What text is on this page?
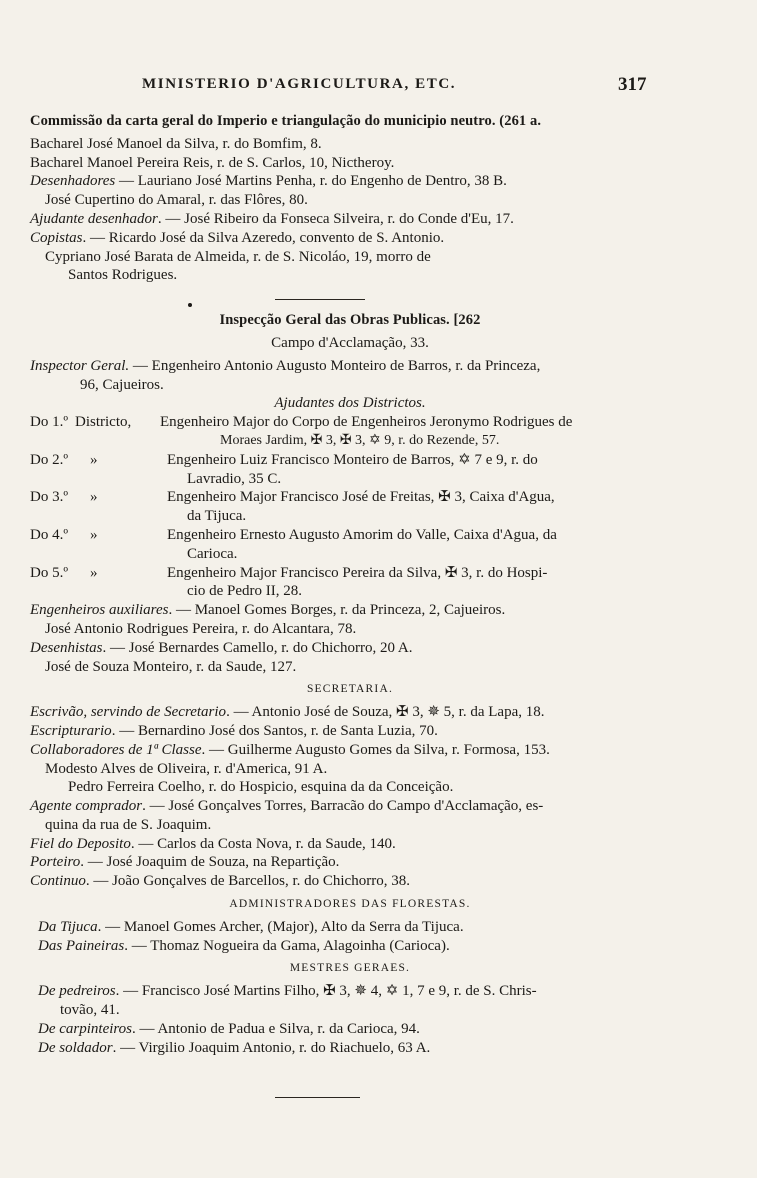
MINISTERIO D'AGRICULTURA, ETC.	317
Commissão da carta geral do Imperio e triangulação do municipio neutro. (261 a.
Bacharel José Manoel da Silva, r. do Bomfim, 8.
Bacharel Manoel Pereira Reis, r. de S. Carlos, 10, Nictheroy.
Desenhadores — Lauriano José Martins Penha, r. do Engenho de Dentro, 38 B.
José Cupertino do Amaral, r. das Flôres, 80.
Ajudante desenhador. — José Ribeiro da Fonseca Silveira, r. do Conde d'Eu, 17.
Copistas. — Ricardo José da Silva Azeredo, convento de S. Antonio.
Cypriano José Barata de Almeida, r. de S. Nicoláo, 19, morro de
Santos Rodrigues.
Inspecção Geral das Obras Publicas. [262
Campo d'Acclamação, 33.
Inspector Geral. — Engenheiro Antonio Augusto Monteiro de Barros, r. da Princeza,
96, Cajueiros.
Ajudantes dos Districtos.
Do 1.º Districto,	Engenheiro Major do Corpo de Engenheiros Jeronymo Rodrigues de
Moraes Jardim, ✠ 3, ✠ 3, ✡ 9, r. do Rezende, 57.
Do 2.º	»	Engenheiro Luiz Francisco Monteiro de Barros, ✡ 7 e 9, r. do
Lavradio, 35 C.
Do 3.º	»	Engenheiro Major Francisco José de Freitas, ✠ 3, Caixa d'Agua,
da Tijuca.
Do 4.º	»	Engenheiro Ernesto Augusto Amorim do Valle, Caixa d'Agua, da
Carioca.
Do 5.º	»	Engenheiro Major Francisco Pereira da Silva, ✠ 3, r. do Hospi-
cio de Pedro II, 28.
Engenheiros auxiliares. — Manoel Gomes Borges, r. da Princeza, 2, Cajueiros.
José Antonio Rodrigues Pereira, r. do Alcantara, 78.
Desenhistas. — José Bernardes Camello, r. do Chichorro, 20 A.
José de Souza Monteiro, r. da Saude, 127.
SECRETARIA.
Escrivão, servindo de Secretario. — Antonio José de Souza, ✠ 3, ✵ 5, r. da Lapa, 18.
Escripturario. — Bernardino José dos Santos, r. de Santa Luzia, 70.
Collaboradores de 1ª Classe. — Guilherme Augusto Gomes da Silva, r. Formosa, 153.
Modesto Alves de Oliveira, r. d'America, 91 A.
Pedro Ferreira Coelho, r. do Hospicio, esquina da da Conceição.
Agente comprador. — José Gonçalves Torres, Barracão do Campo d'Acclamação, es-
quina da rua de S. Joaquim.
Fiel do Deposito. — Carlos da Costa Nova, r. da Saude, 140.
Porteiro. — José Joaquim de Souza, na Repartição.
Continuo. — João Gonçalves de Barcellos, r. do Chichorro, 38.
ADMINISTRADORES DAS FLORESTAS.
Da Tijuca. — Manoel Gomes Archer, (Major), Alto da Serra da Tijuca.
Das Paineiras. — Thomaz Nogueira da Gama, Alagoinha (Carioca).
MESTRES GERAES.
De pedreiros. — Francisco José Martins Filho, ✠ 3, ✵ 4, ✡ 1, 7 e 9, r. de S. Chris-
tovão, 41.
De carpinteiros. — Antonio de Padua e Silva, r. da Carioca, 94.
De soldador. — Virgilio Joaquim Antonio, r. do Riachuelo, 63 A.
